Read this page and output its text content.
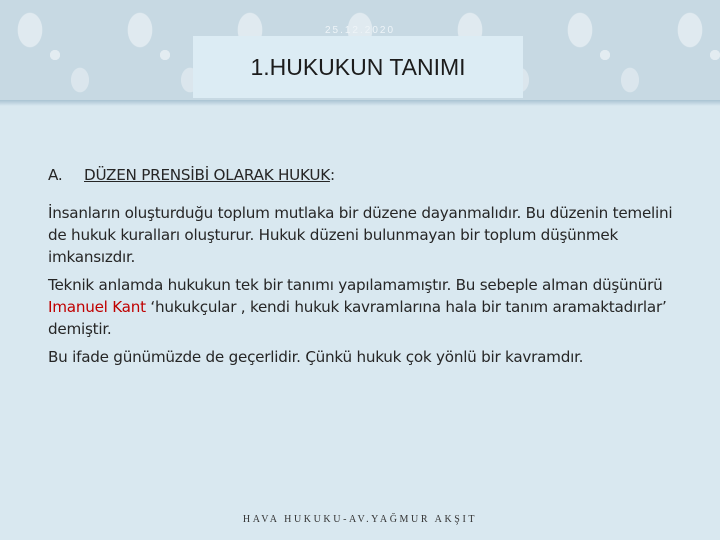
25.12.2020
1.HUKUKUN TANIMI
A.	DÜZEN PRENSİBİ OLARAK HUKUK:

İnsanların oluşturduğu toplum mutlaka bir düzene dayanmalıdır. Bu düzenin temelini de hukuk kuralları oluşturur. Hukuk düzeni bulunmayan bir toplum düşünmek imkansızdır.

Teknik anlamda hukukun tek bir tanımı yapılamamıştır. Bu sebeple alman düşünürü Imanuel Kant ‘hukukçular , kendi hukuk kavramlarına hala bir tanım aramaktadırlar’ demiştir.

Bu ifade günümüzde de geçerlidir. Çünkü hukuk çok yönlü bir kavramdır.

HAVA HUKUKU-AV.YAĞMUR AKŞIT
